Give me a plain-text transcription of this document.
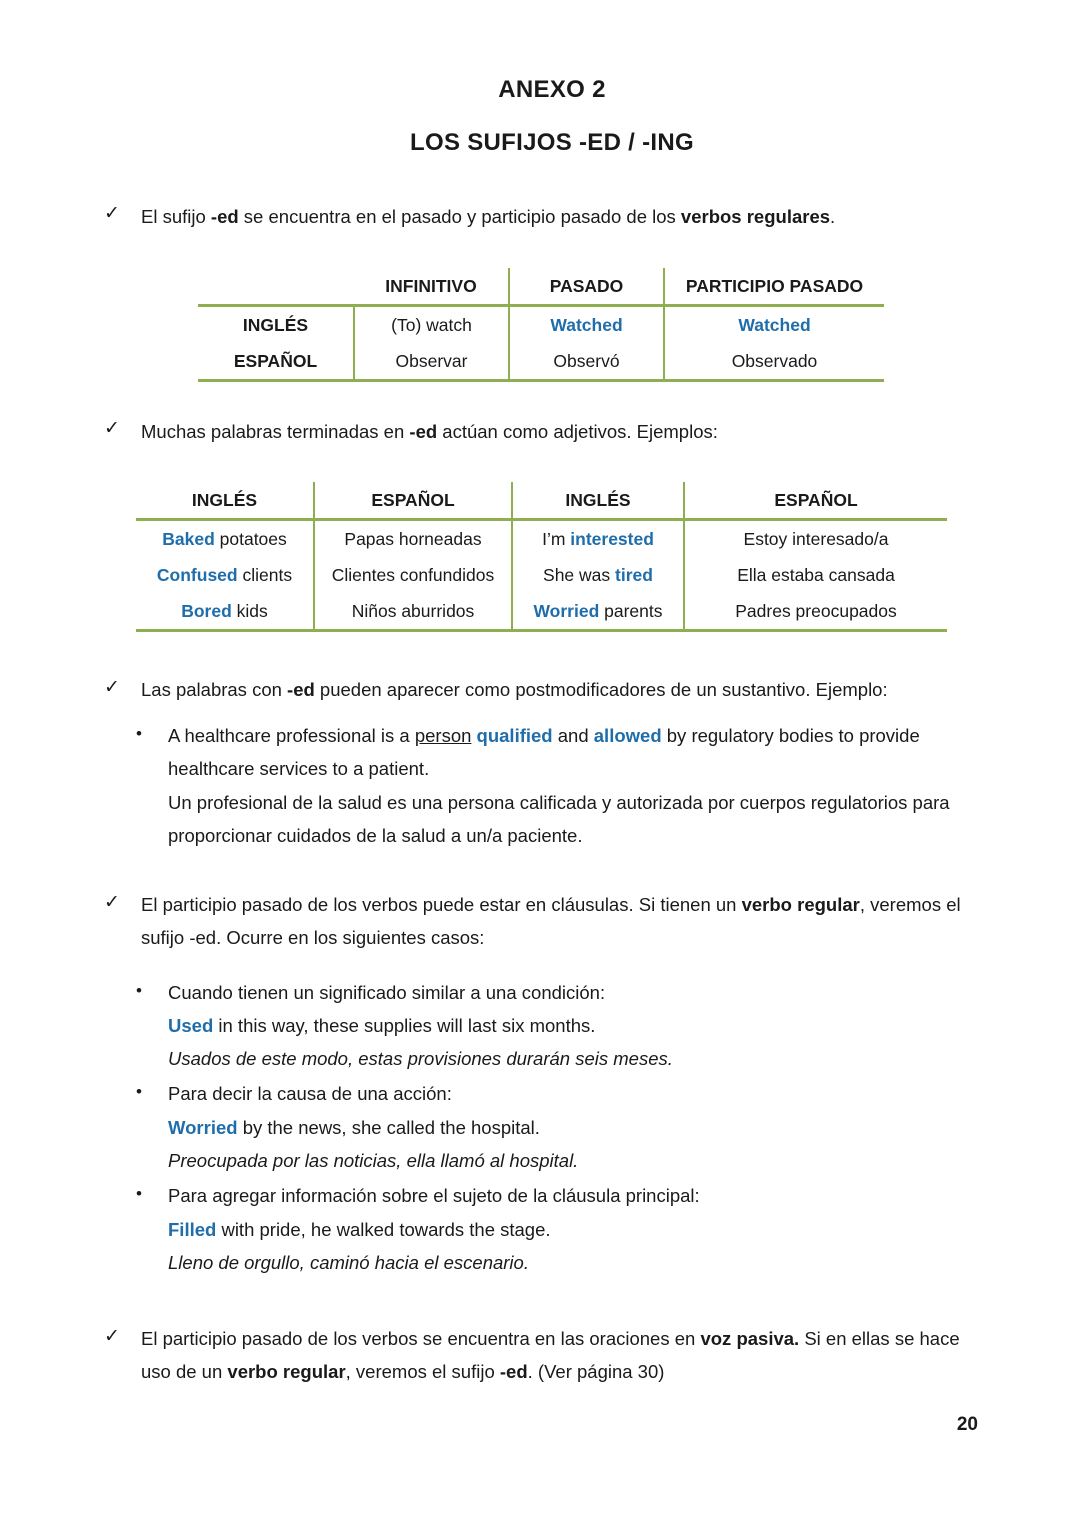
ANEXO 2
LOS SUFIJOS -ED / -ING
✓ El sufijo -ed se encuentra en el pasado y participio pasado de los verbos regulares.
	INFINITIVO	PASADO	PARTICIPIO PASADO
INGLÉS	(To) watch	Watched	Watched
ESPAÑOL	Observar	Observó	Observado
✓ Muchas palabras terminadas en -ed actúan como adjetivos. Ejemplos:
INGLÉS	ESPAÑOL	INGLÉS	ESPAÑOL
Baked potatoes	Papas horneadas	I’m interested	Estoy interesado/a
Confused clients	Clientes confundidos	She was tired	Ella estaba cansada
Bored kids	Niños aburridos	Worried parents	Padres preocupados
✓ Las palabras con -ed pueden aparecer como postmodificadores de un sustantivo. Ejemplo:
• A healthcare professional is a person qualified and allowed by regulatory bodies to provide healthcare services to a patient.
Un profesional de la salud es una persona calificada y autorizada por cuerpos regulatorios para proporcionar cuidados de la salud a un/a paciente.
✓ El participio pasado de los verbos puede estar en cláusulas. Si tienen un verbo regular, veremos el sufijo -ed. Ocurre en los siguientes casos:
• Cuando tienen un significado similar a una condición:
Used in this way, these supplies will last six months.
Usados de este modo, estas provisiones durarán seis meses.
• Para decir la causa de una acción:
Worried by the news, she called the hospital.
Preocupada por las noticias, ella llamó al hospital.
• Para agregar información sobre el sujeto de la cláusula principal:
Filled with pride, he walked towards the stage.
Lleno de orgullo, caminó hacia el escenario.
✓ El participio pasado de los verbos se encuentra en las oraciones en voz pasiva. Si en ellas se hace uso de un verbo regular, veremos el sufijo -ed. (Ver página 30)
20
